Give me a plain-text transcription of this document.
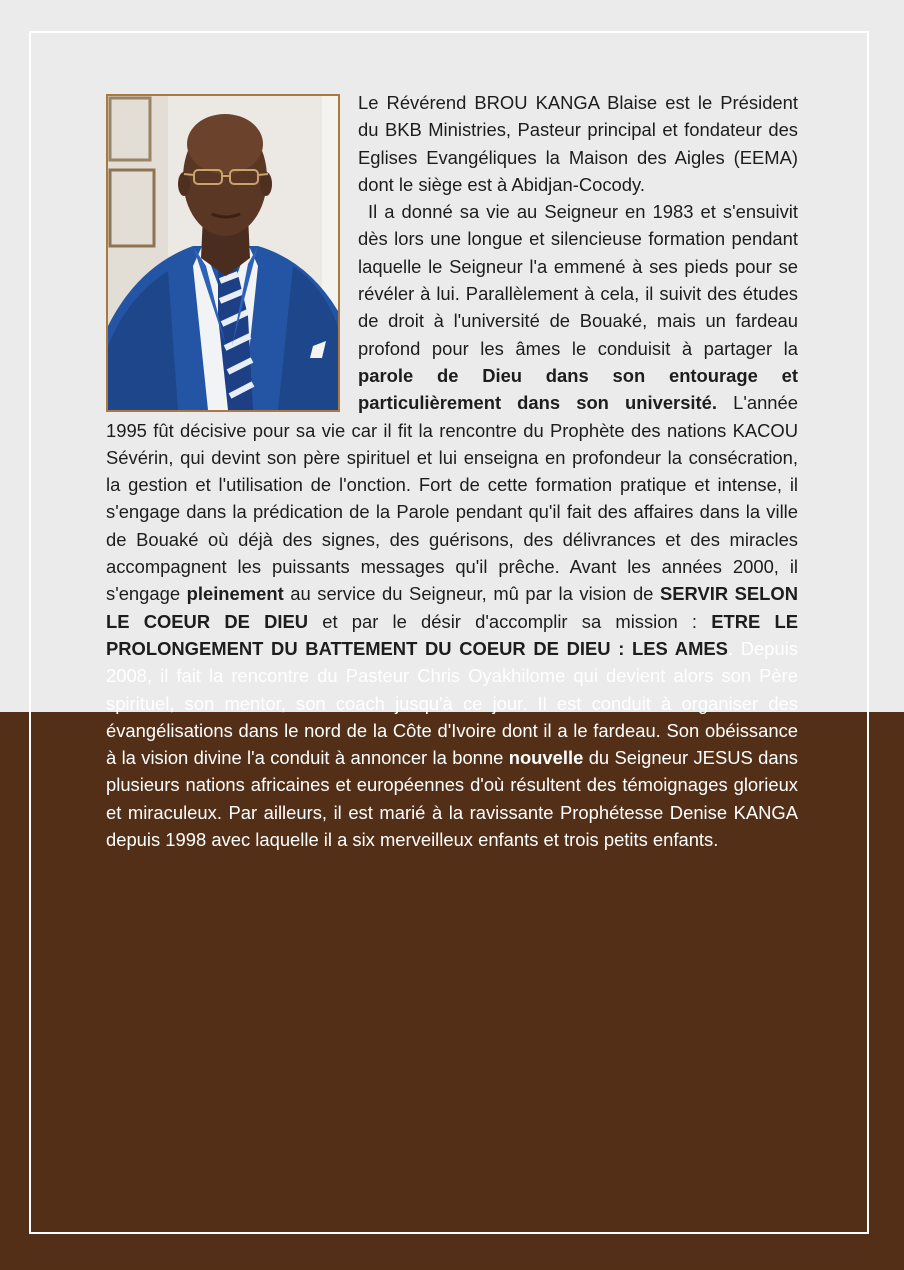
Le Révérend BROU KANGA Blaise est le Président du BKB Ministries, Pasteur principal et fondateur des Eglises Evangéliques la Maison des Aigles (EEMA) dont le siège est à Abidjan-Cocody.

Il a donné sa vie au Seigneur en 1983 et s'ensuivit dès lors une longue et silencieuse formation pendant laquelle le Seigneur l'a emmené à ses pieds pour se révéler à lui. Parallèlement à cela, il suivit des études de droit à l'université de Bouaké, mais un fardeau profond pour les âmes le conduisit à partager la parole de Dieu dans son entourage et particulièrement dans son université. L'année 1995 fût décisive pour sa vie car il fit la rencontre du Prophète des nations KACOU Sévérin, qui devint son père spirituel et lui enseigna en profondeur la consécration, la gestion et l'utilisation de l'onction. Fort de cette formation pratique et intense, il s'engage dans la prédication de la Parole pendant qu'il fait des affaires dans la ville de Bouaké où déjà des signes, des guérisons, des délivrances et des miracles accompagnent les puissants messages qu'il prêche. Avant les années 2000, il s'engage pleinement au service du Seigneur, mû par la vision de SERVIR SELON LE COEUR DE DIEU et par le désir d'accomplir sa mission : ETRE LE PROLONGEMENT DU BATTEMENT DU COEUR DE DIEU : LES AMES. Depuis 2008, il fait la rencontre du Pasteur Chris Oyakhilome qui devient alors son Père spirituel, son mentor, son coach jusqu'à ce jour. Il est conduit à organiser des évangélisations dans le nord de la Côte d'Ivoire dont il a le fardeau. Son obéissance à la vision divine l'a conduit à annoncer la bonne nouvelle du Seigneur JESUS dans plusieurs nations africaines et européennes d'où résultent des témoignages glorieux et miraculeux. Par ailleurs, il est marié à la ravissante Prophétesse Denise KANGA depuis 1998 avec laquelle il a six merveilleux enfants et trois petits enfants.
